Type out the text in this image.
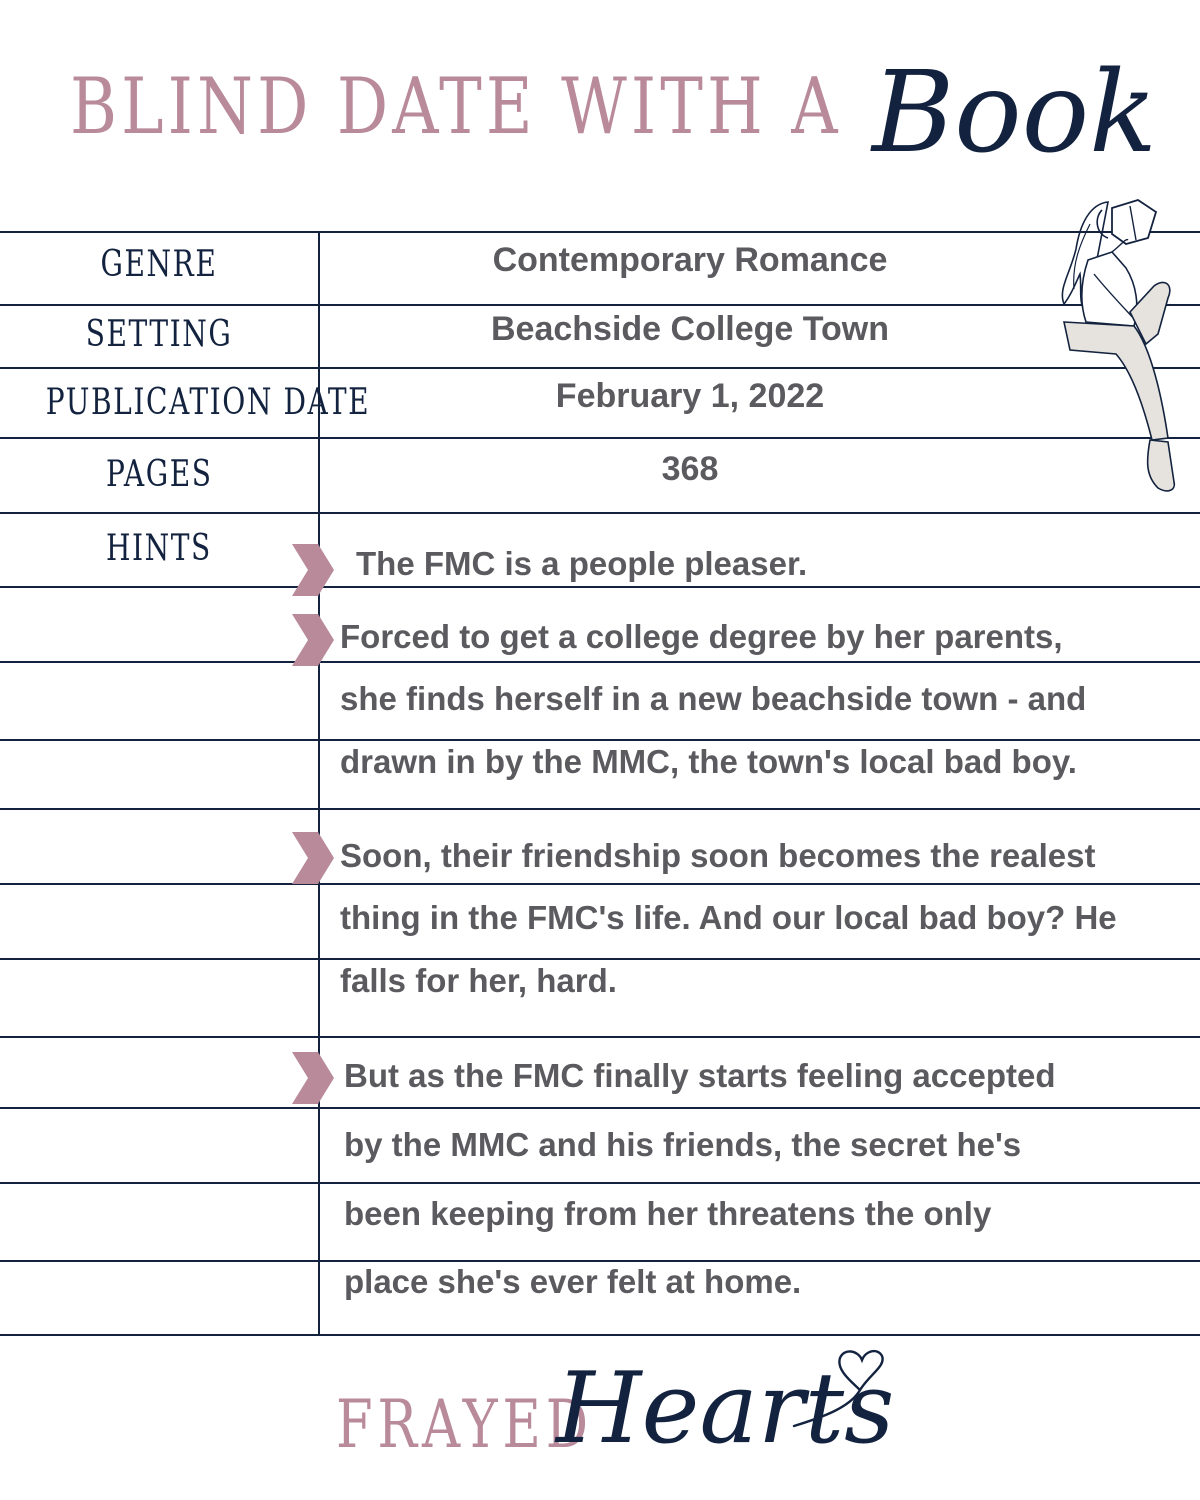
BLIND DATE WITH A Book
GENRE
SETTING
PUBLICATION DATE
PAGES
HINTS
Contemporary Romance
Beachside College Town
February 1, 2022
368
The FMC is a people pleaser.
Forced to get a college degree by her parents,
she finds herself in a new beachside town - and
drawn in by the MMC, the town's local bad boy.
Soon, their friendship soon becomes the realest
thing in the FMC's life. And our local bad boy? He
falls for her, hard.
But as the FMC finally starts feeling accepted
by the MMC and his friends, the secret he's
been keeping from her threatens the only
place she's ever felt at home.
FRAYED
Hearts
